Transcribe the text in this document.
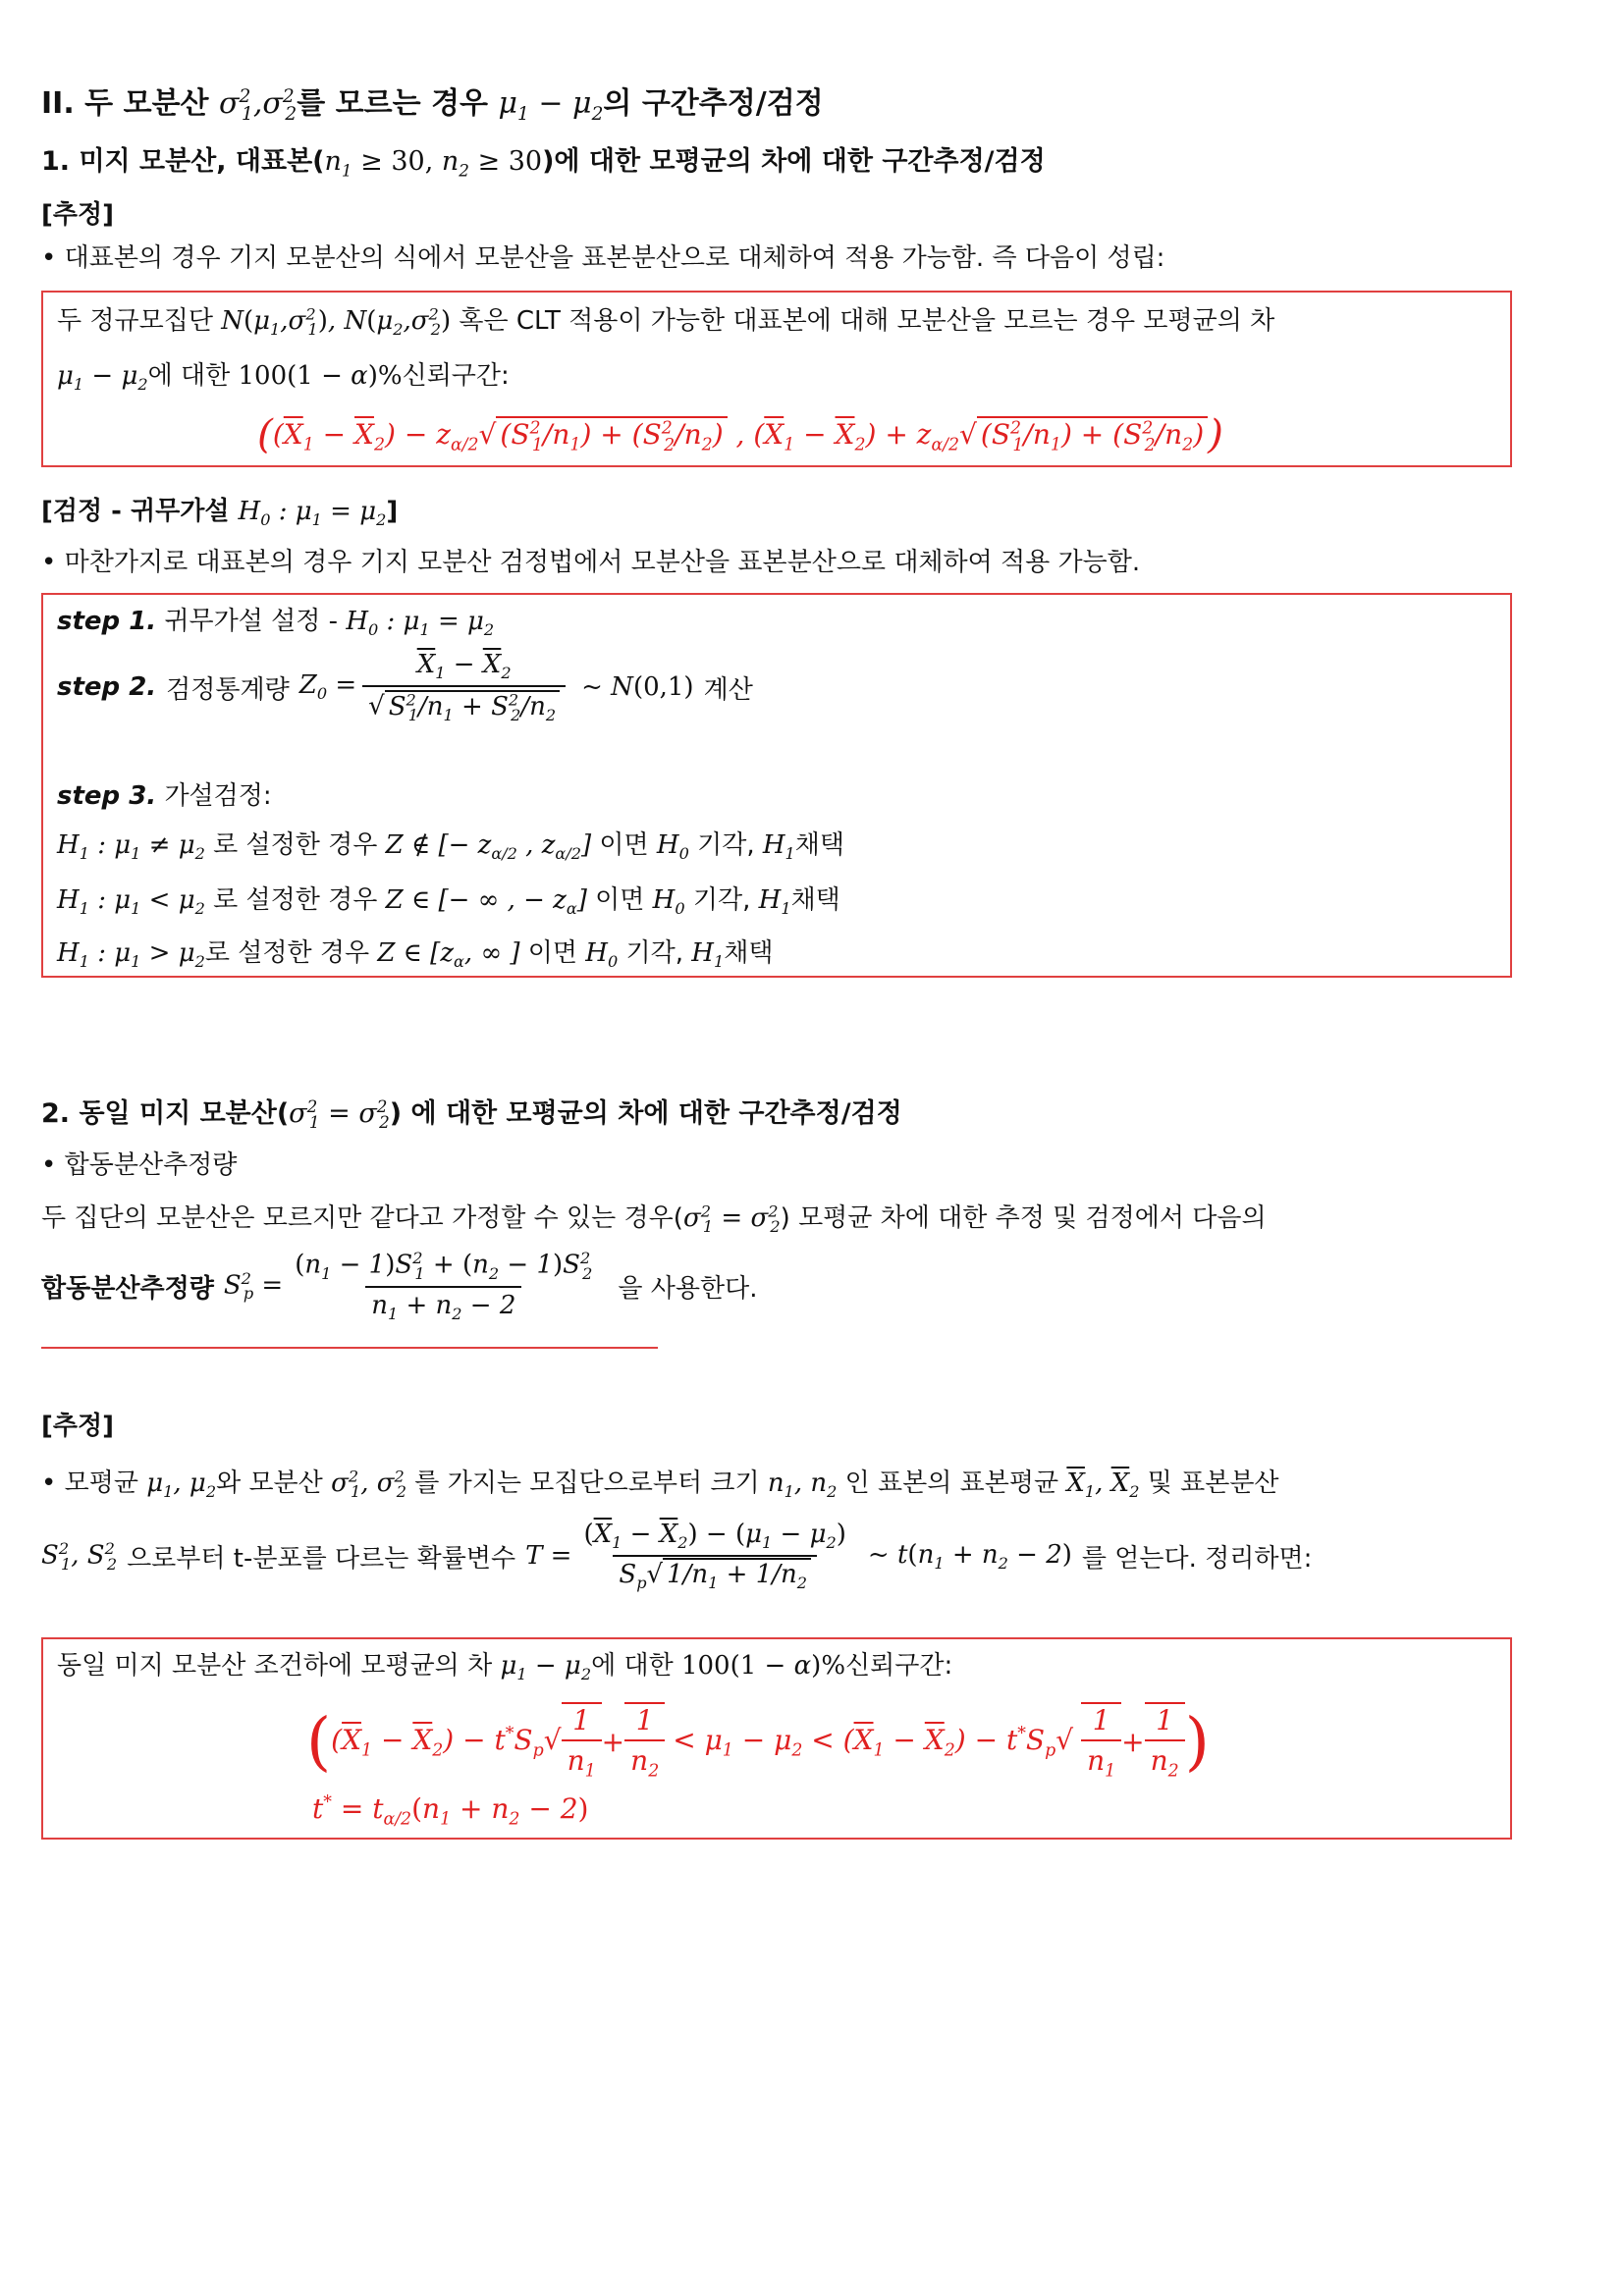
II. 두 모분산 $\sigma^2_1,\sigma^2_2$를 모르는 경우 $\mu_1 - \mu_2$의 구간추정/검정
1. 미지 모분산, 대표본($n_1 \ge 30$, $n_2 \ge 30$)에 대한 모평균의 차에 대한 구간추정/검정
[추정]
• 대표본의 경우 기지 모분산의 식에서 모분산을 표본분산으로 대체하여 적용 가능함. 즉 다음이 성립:
두 정규모집단 $N(\mu_1,\sigma^2_1)$, $N(\mu_2,\sigma^2_2)$ 혹은 CLT 적용이 가능한 대표본에 대해 모분산을 모르는 경우 모평균의 차
$\mu_1 - \mu_2$에 대한 100(1 − α)%신뢰구간:
($(\overline{X}_1 - \overline{X}_2) - z_{\alpha/2}√$ $(S^2_1/n_1) + (S^2_2/n_2)$ , $(\overline{X}_1 - \overline{X}_2) + z_{\alpha/2}√$ $(S^2_1/n_1) + (S^2_2/n_2)$)
[검정 - 귀무가설 $H_0$ : $\mu_1 = \mu_2$]
• 마찬가지로 대표본의 경우 기지 모분산 검정법에서 모분산을 표본분산으로 대체하여 적용 가능함.
step 1. 귀무가설 설정 - $H_0$ : $\mu_1 = \mu_2$
step 2. 검정통계량 $Z_0 = \frac{\overline{X}_1 - \overline{X}_2}{√ S^2_1/n_1 + S^2_2/n_2}$ ~ N(0,1) 계산
step 3. 가설검정:
$H_1$ : $\mu_1 \ne \mu_2$ 로 설정한 경우 Z ∉ [− $z_{\alpha/2}$ , $z_{\alpha/2}$] 이면 $H_0$ 기각, $H_1$채택
$H_1$ : $\mu_1 < \mu_2$ 로 설정한 경우 Z ∈ [− ∞ , − $z_\alpha$] 이면 $H_0$ 기각, $H_1$채택
$H_1$ : $\mu_1 > \mu_2$로 설정한 경우 Z ∈ [$z_\alpha$, ∞ ] 이면 $H_0$ 기각, $H_1$채택
2. 동일 미지 모분산$(\sigma^2_1 = \sigma^2_2)$ 에 대한 모평균의 차에 대한 구간추정/검정
• 합동분산추정량
두 집단의 모분산은 모르지만 같다고 가정할 수 있는 경우$(\sigma^2_1 = \sigma^2_2)$ 모평균 차에 대한 추정 및 검정에서 다음의
합동분산추정량 $S^2_p = \frac{(n_1 - 1)S^2_1 + (n_2 - 1)S^2_2}{n_1 + n_2 - 2}$ 을 사용한다.
[추정]
• 모평균 $\mu_1$, $\mu_2$와 모분산 $\sigma^2_1$, $\sigma^2_2$ 를 가지는 모집단으로부터 크기 $n_1$, $n_2$ 인 표본의 표본평균 $\overline{X}_1$, $\overline{X}_2$ 및 표본분산
$S^2_1$, $S^2_2$ 으로부터 t-분포를 다르는 확률변수 $T = \frac{(\overline{X}_1 - \overline{X}_2) - (\mu_1 - \mu_2)}{S_p√ 1/n_1 + 1/n_2}$ ~ $t(n_1 + n_2 - 2)$ 를 얻는다. 정리하면:
동일 미지 모분산 조건하에 모평균의 차 $\mu_1 - \mu_2$에 대한 100(1 − α)%신뢰구간:
( $(\overline{X}_1 - \overline{X}_2) - t^*S_p√ \frac{1}{n_1} + \frac{1}{n_2} < \mu_1 - \mu_2 < (\overline{X}_1 - \overline{X}_2) - t^*S_p√ \frac{1}{n_1} + \frac{1}{n_2}$ )
$t^* = t_{\alpha/2}(n_1 + n_2 - 2)$
